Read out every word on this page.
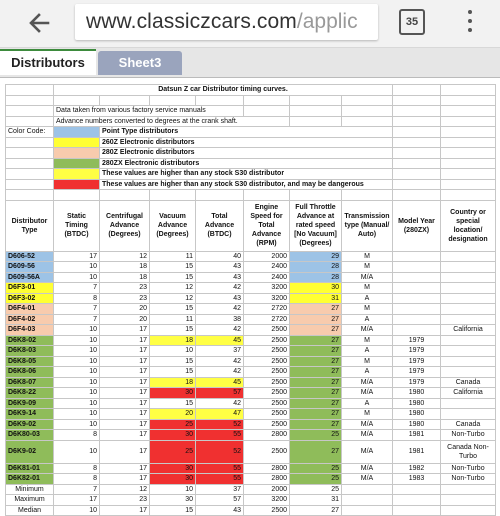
www.classiczcars.com/applic	35
Distributors	Sheet3
	Datsun Z car Distributor timing curves.								

	Data taken from various factory service manuals								
	Advance numbers converted to degrees at the crank shaft.								
Color Code:		Point Type distributors							
		260Z Electronic distributors							
		280Z Electronic distributors							
		280ZX Electronic distributors							
		These values are higher than any stock S30 distributor							
		These values are higher than any stock S30 distributor, and may be dangerous							

Distributor Type	Static Timing (BTDC)	Centrifugal Advance (Degrees)	Vacuum Advance (Degrees)	Total Advance (BTDC)	Engine Speed for Total Advance (RPM)	Full Throttle Advance at rated speed [No Vacuum] (Degrees)	Transmission type (Manual/ Auto)	Model Year (280ZX)	Country or special location/ designation
D606-52	17	12	11	40	2000	29	M		
D609-56	10	18	15	43	2400	28	M		
D609-56A	10	18	15	43	2400	28	M/A		
D6F3-01	7	23	12	42	3200	30	M		
D6F3-02	8	23	12	43	3200	31	A		
D6F4-01	7	20	15	42	2720	27	M		
D6F4-02	7	20	11	38	2720	27	A		
D6F4-03	10	17	15	42	2500	27	M/A		California
D6K8-02	10	17	18	45	2500	27	M	1979	
D6K8-03	10	17	10	37	2500	27	A	1979	
D6K8-05	10	17	15	42	2500	27	M	1979	
D6K8-06	10	17	15	42	2500	27	A	1979	
D6K8-07	10	17	18	45	2500	27	M/A	1979	Canada
D6K8-22	10	17	30	57	2500	27	M/A	1980	California
D6K9-09	10	17	15	42	2500	27	A	1980	
D6K9-14	10	17	20	47	2500	27	M	1980	
D6K9-02	10	17	25	52	2500	27	M/A	1980	Canada
D6K80-03	8	17	30	55	2800	25	M/A	1981	Non-Turbo
D6K9-02	10	17	25	52	2500	27	M/A	1981	Canada Non-Turbo
D6K81-01	8	17	30	55	2800	25	M/A	1982	Non-Turbo
D6K82-01	8	17	30	55	2800	25	M/A	1983	Non-Turbo
Minimum	7	12	10	37	2000	25			
Maximum	17	23	30	57	3200	31			
Median	10	17	15	43	2500	27			
